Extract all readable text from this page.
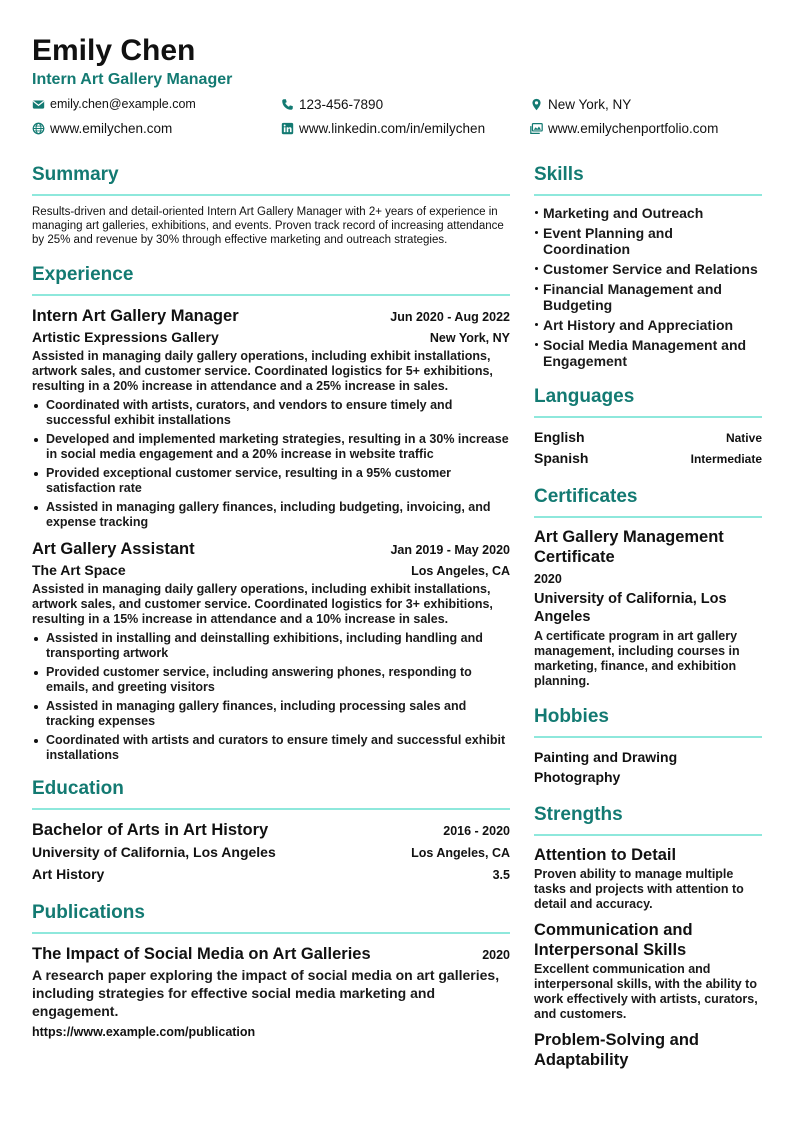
Emily Chen
Intern Art Gallery Manager
emily.chen@example.com	123-456-7890	New York, NY
www.emilychen.com	www.linkedin.com/in/emilychen	www.emilychenportfolio.com
Summary
Results-driven and detail-oriented Intern Art Gallery Manager with 2+ years of experience in managing art galleries, exhibitions, and events. Proven track record of increasing attendance by 25% and revenue by 30% through effective marketing and outreach strategies.
Experience
Intern Art Gallery Manager	Jun 2020 - Aug 2022
Artistic Expressions Gallery	New York, NY
Assisted in managing daily gallery operations, including exhibit installations, artwork sales, and customer service. Coordinated logistics for 5+ exhibitions, resulting in a 20% increase in attendance and a 25% increase in sales.
Coordinated with artists, curators, and vendors to ensure timely and successful exhibit installations
Developed and implemented marketing strategies, resulting in a 30% increase in social media engagement and a 20% increase in website traffic
Provided exceptional customer service, resulting in a 95% customer satisfaction rate
Assisted in managing gallery finances, including budgeting, invoicing, and expense tracking
Art Gallery Assistant	Jan 2019 - May 2020
The Art Space	Los Angeles, CA
Assisted in managing daily gallery operations, including exhibit installations, artwork sales, and customer service. Coordinated logistics for 3+ exhibitions, resulting in a 15% increase in attendance and a 10% increase in sales.
Assisted in installing and deinstalling exhibitions, including handling and transporting artwork
Provided customer service, including answering phones, responding to emails, and greeting visitors
Assisted in managing gallery finances, including processing sales and tracking expenses
Coordinated with artists and curators to ensure timely and successful exhibit installations
Education
Bachelor of Arts in Art History	2016 - 2020
University of California, Los Angeles	Los Angeles, CA
Art History	3.5
Publications
The Impact of Social Media on Art Galleries	2020
A research paper exploring the impact of social media on art galleries, including strategies for effective social media marketing and engagement.
https://www.example.com/publication
Skills
Marketing and Outreach
Event Planning and Coordination
Customer Service and Relations
Financial Management and Budgeting
Art History and Appreciation
Social Media Management and Engagement
Languages
English	Native
Spanish	Intermediate
Certificates
Art Gallery Management Certificate
2020
University of California, Los Angeles
A certificate program in art gallery management, including courses in marketing, finance, and exhibition planning.
Hobbies
Painting and Drawing
Photography
Strengths
Attention to Detail
Proven ability to manage multiple tasks and projects with attention to detail and accuracy.
Communication and Interpersonal Skills
Excellent communication and interpersonal skills, with the ability to work effectively with artists, curators, and customers.
Problem-Solving and Adaptability
